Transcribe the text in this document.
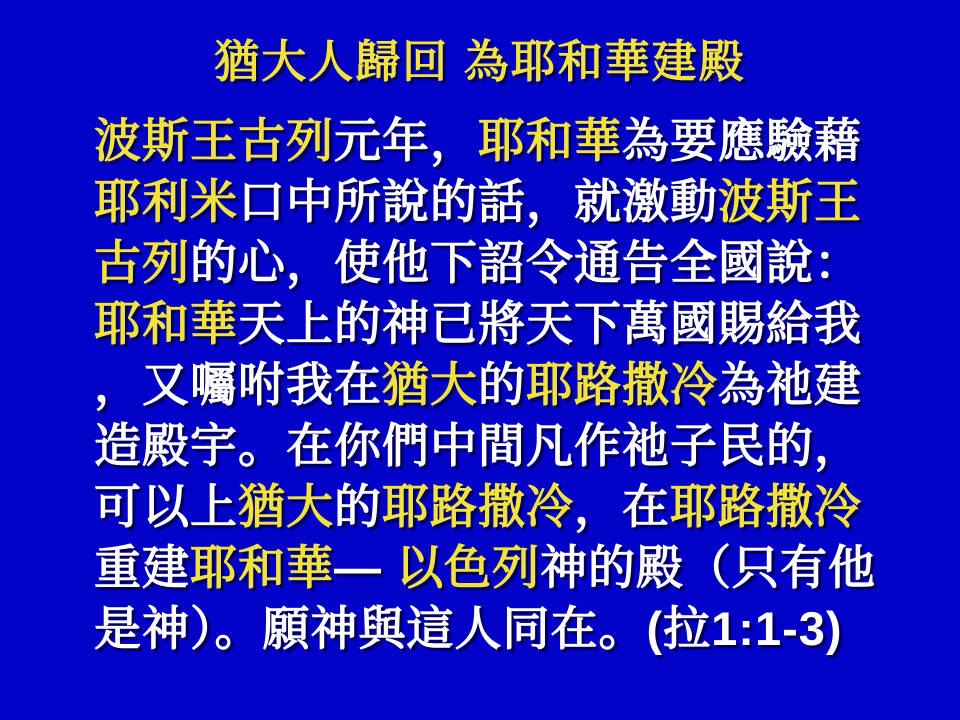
猶大人歸回 為耶和華建殿
波斯王古列元年，耶和華為要應驗藉
耶利米口中所說的話，就激動波斯王
古列的心，使他下詔令通告全國說：
耶和華天上的神已將天下萬國賜給我
，又囑咐我在猶大的耶路撒冷為祂建
造殿宇。在你們中間凡作祂子民的，
可以上猶大的耶路撒冷，在耶路撒冷
重建耶和華— 以色列神的殿（只有他
是神）。願神與這人同在。(拉1:1-3)
